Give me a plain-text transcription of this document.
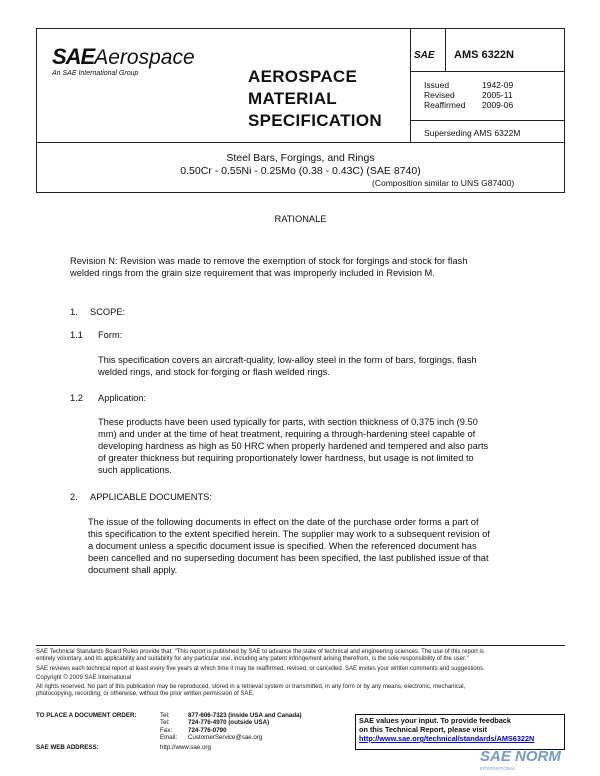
SAEAerospace
An SAE International Group	AEROSPACE
MATERIAL
SPECIFICATION
SAE AMS 6322N
Issued	1942-09
Revised	2005-11
Reaffirmed 2009-06
Superseding AMS 6322M
Steel Bars, Forgings, and Rings
0.50Cr - 0.55Ni - 0.25Mo (0.38 - 0.43C) (SAE 8740)
(Composition similar to UNS G87400)
RATIONALE
Revision N: Revision was made to remove the exemption of stock for forgings and stock for flash
welded rings from the grain size requirement that was improperly included in Revision M.
1. SCOPE:
1.1 Form:
This specification covers an aircraft-quality, low-alloy steel in the form of bars, forgings, flash
welded rings, and stock for forging or flash welded rings.
1.2 Application:
These products have been used typically for parts, with section thickness of 0.375 inch (9.50
mm) and under at the time of heat treatment, requiring a through-hardening steel capable of
developing hardness as high as 50 HRC when properly hardened and tempered and also parts
of greater thickness but requiring proportionately lower hardness, but usage is not limited to
such applications.
2. APPLICABLE DOCUMENTS:
The issue of the following documents in effect on the date of the purchase order forms a part of
this specification to the extent specified herein. The supplier may work to a subsequent revision of
a document unless a specific document issue is specified. When the referenced document has
been cancelled and no superseding document has been specified, the last published issue of that
document shall apply.
SAE Technical Standards Board Rules provide that: "This report is published by SAE to advance the state of technical and engineering sciences. The use of this report is
entirely voluntary, and its applicability and suitability for any particular use, including any patent infringement arising therefrom, is the sole responsibility of the user."
SAE reviews each technical report at least every five years at which time it may be reaffirmed, revised, or cancelled. SAE invites your written comments and suggestions.
Copyright © 2009 SAE International
All rights reserved. No part of this publication may be reproduced, stored in a retrieval system or transmitted, in any form or by any means, electronic, mechanical,
photocopying, recording, or otherwise, without the prior written permission of SAE.
TO PLACE A DOCUMENT ORDER:	Tel:	877-606-7323 (inside USA and Canada)
Tel:	724-776-4970 (outside USA)
Fax:	724-776-0790
Email: CustomerService@sae.org
SAE WEB ADDRESS:	http://www.sae.org
SAE values your input. To provide feedback
on this Technical Report, please visit
http://www.sae.org/technical/standards/AMS6322N
SAE NORM
INTERNATIONAL
